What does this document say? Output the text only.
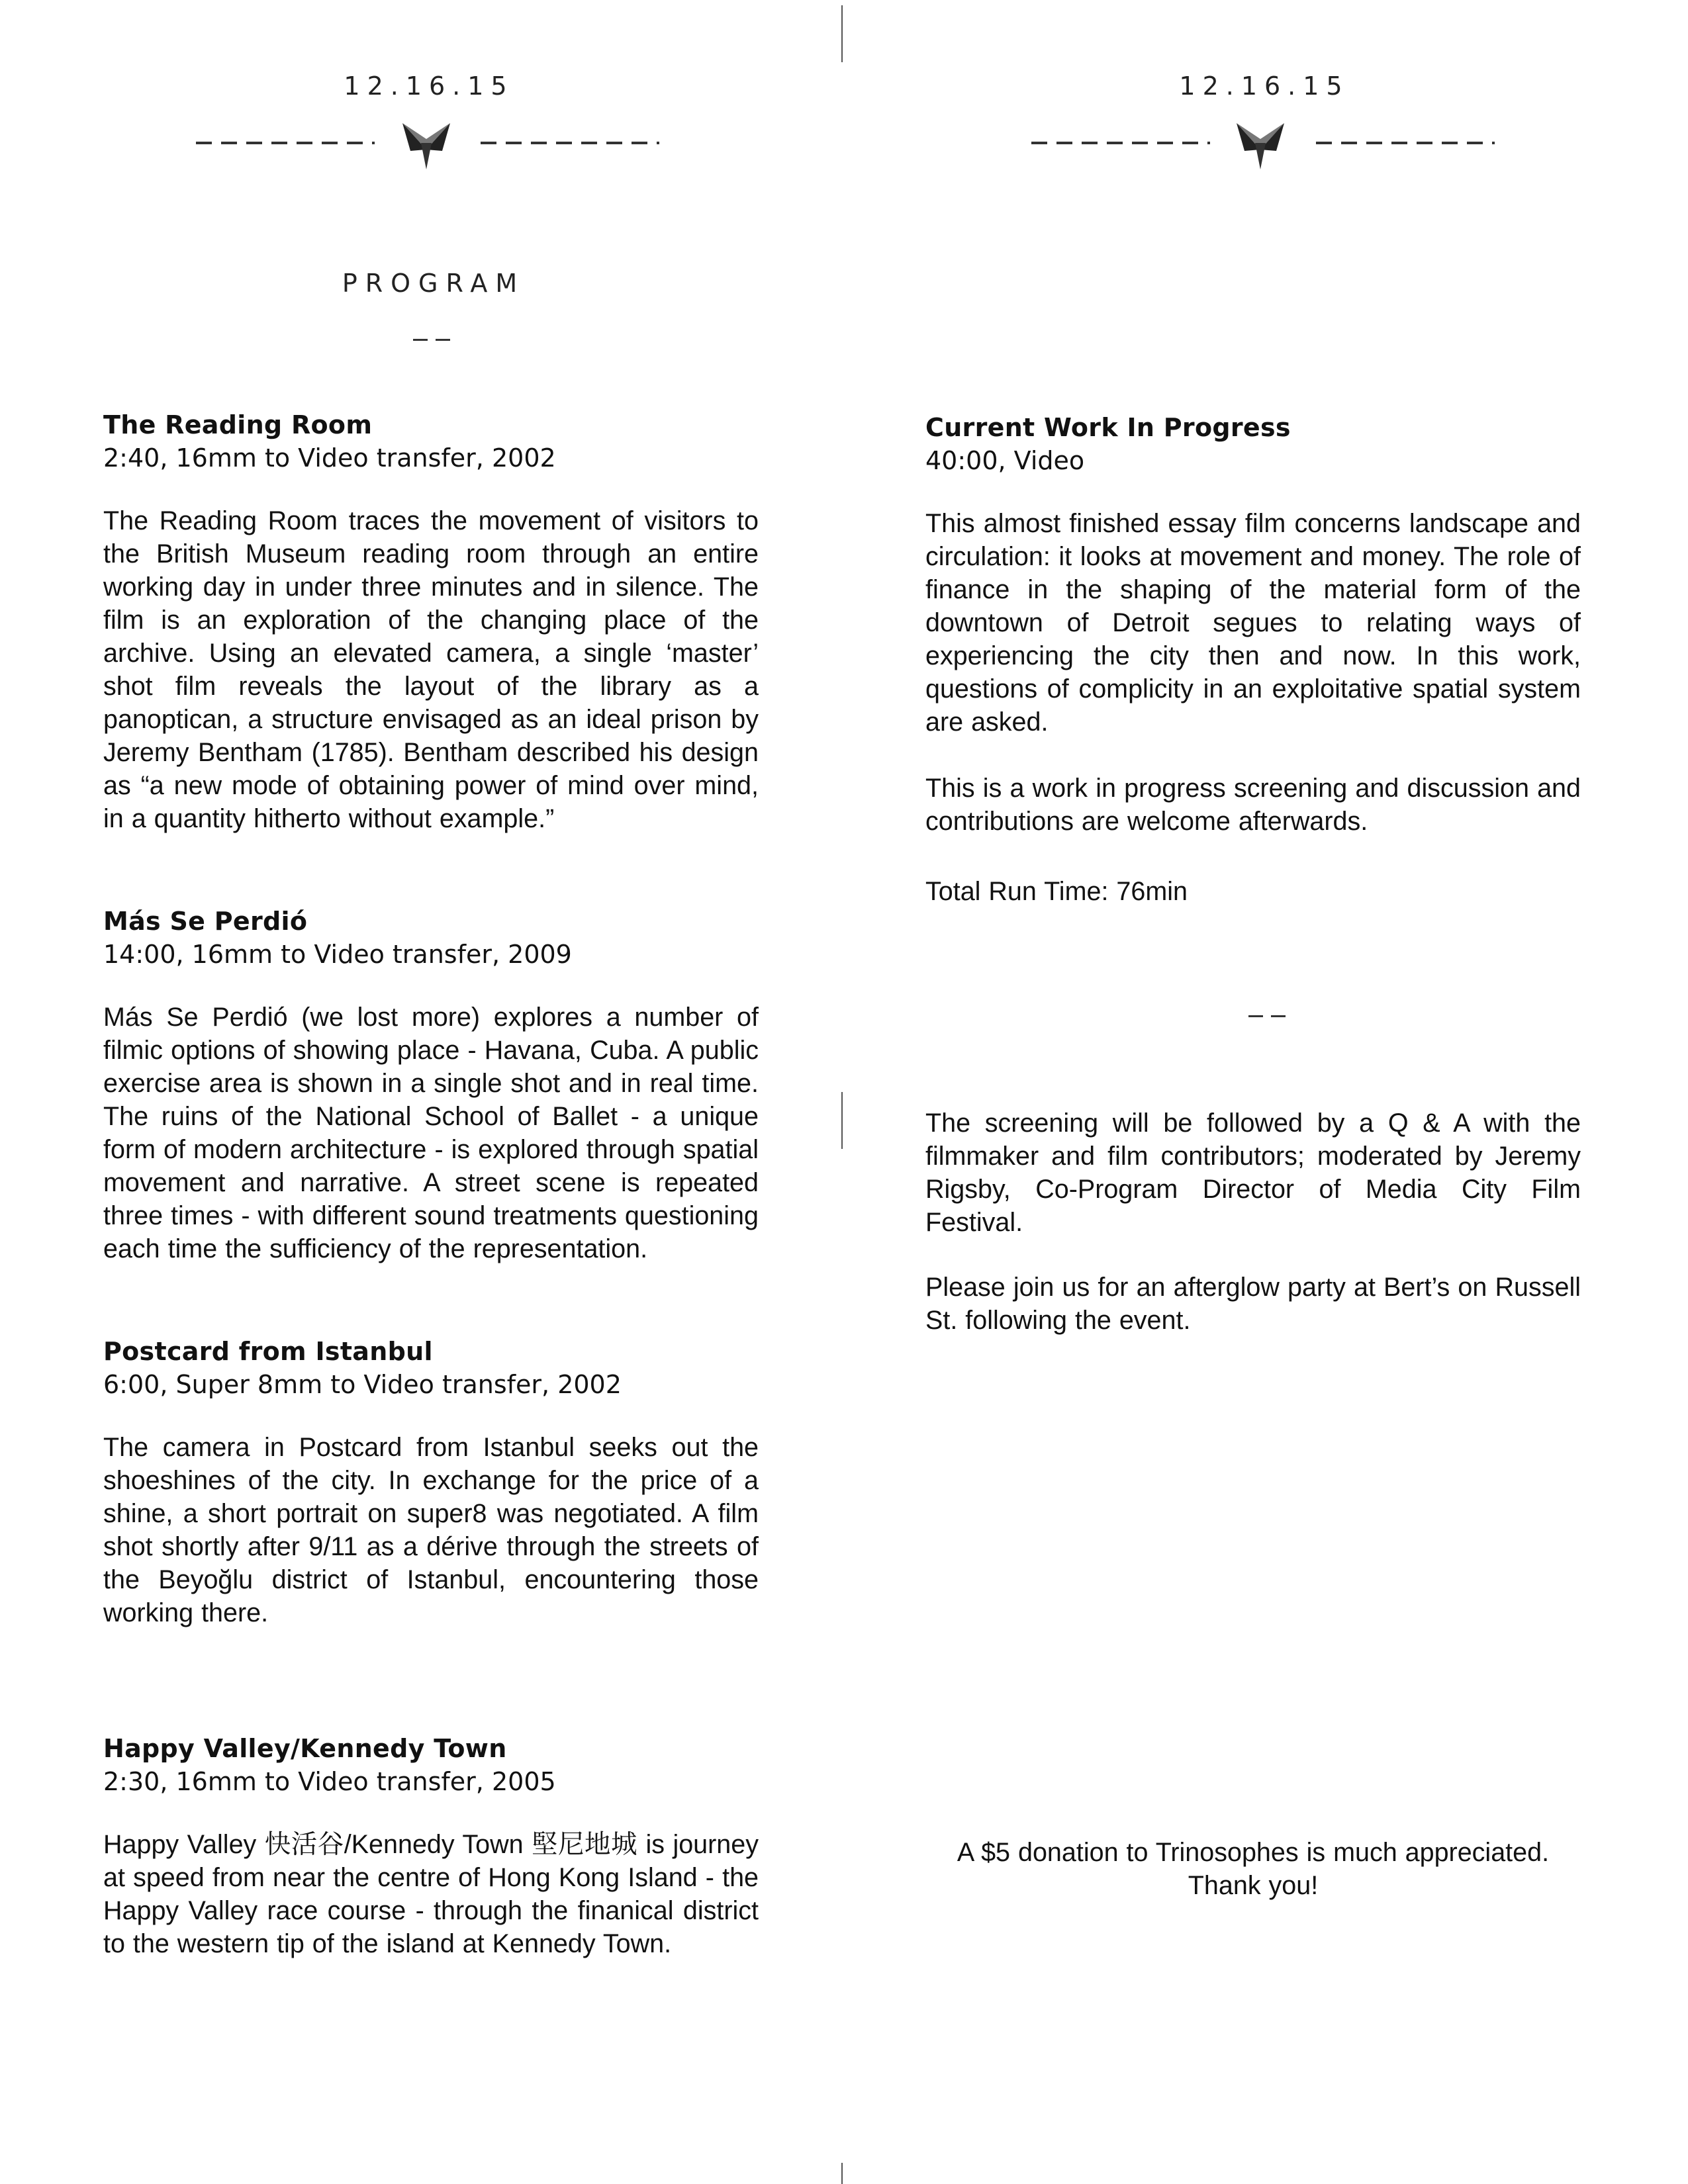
12.16.15
PROGRAM
The Reading Room
2:40, 16mm to Video transfer, 2002

The Reading Room traces the movement of visitors to the British Museum reading room through an entire working day in under three minutes and in silence. The film is an exploration of the changing place of the archive. Using an elevated camera, a single ‘master’ shot film reveals the layout of the library as a panoptican, a structure envisaged as an ideal prison by Jeremy Bentham (1785). Bentham described his design as “a new mode of obtaining power of mind over mind, in a quantity hitherto without example.”

Más Se Perdió
14:00, 16mm to Video transfer, 2009

Más Se Perdió (we lost more) explores a number of filmic options of showing place - Havana, Cuba. A public exercise area is shown in a single shot and in real time. The ruins of the National School of Ballet - a unique form of modern architecture - is explored through spatial movement and narrative. A street scene is repeated three times - with different sound treatments questioning each time the sufficiency of the representation.

Postcard from Istanbul
6:00, Super 8mm to Video transfer, 2002

The camera in Postcard from Istanbul seeks out the shoeshines of the city. In exchange for the price of a shine, a short portrait on super8 was negotiated. A film shot shortly after 9/11 as a dérive through the streets of the Beyoğlu district of Istanbul, encountering those working there.

Happy Valley/Kennedy Town
2:30, 16mm to Video transfer, 2005

Happy Valley 快活谷/Kennedy Town 堅尼地城 is journey at speed from near the centre of Hong Kong Island - the Happy Valley race course - through the finanical district to the western tip of the island at Kennedy Town.

12.16.15
Current Work In Progress
40:00, Video

This almost finished essay film concerns landscape and circulation: it looks at movement and money. The role of finance in the shaping of the material form of the downtown of Detroit segues to relating ways of experiencing the city then and now. In this work, questions of complicity in an exploitative spatial system are asked.

This is a work in progress screening and discussion and contributions are welcome afterwards.

Total Run Time: 76min

The screening will be followed by a Q & A with the filmmaker and film contributors; moderated by Jeremy Rigsby, Co-Program Director of Media City Film Festival.

Please join us for an afterglow party at Bert’s on Russell St. following the event.

A $5 donation to Trinosophes is much appreciated.
Thank you!
